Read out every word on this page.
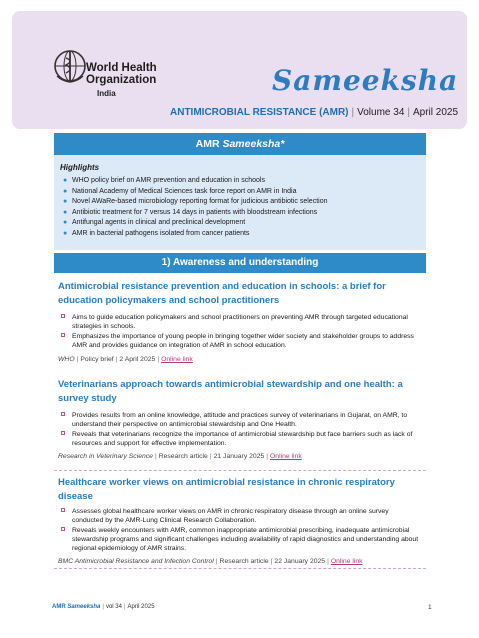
World Health
Organization
India	Sameeksha
ANTIMICROBIAL RESISTANCE (AMR) | Volume 34 | April 2025
AMR Sameeksha*
Highlights
● WHO policy brief on AMR prevention and education in schools
● National Academy of Medical Sciences task force report on AMR in India
● Novel AWaRe-based microbiology reporting format for judicious antibiotic selection
● Antibiotic treatment for 7 versus 14 days in patients with bloodstream infections
● Antifungal agents in clinical and preclinical development
● AMR in bacterial pathogens isolated from cancer patients
1) Awareness and understanding
Antimicrobial resistance prevention and education in schools: a brief for education policymakers and school practitioners
Aims to guide education policymakers and school practitioners on preventing AMR through targeted educational strategies in schools.
Emphasizes the importance of young people in bringing together wider society and stakeholder groups to address AMR and provides guidance on integration of AMR in school education.
WHO | Policy brief | 2 April 2025 | Online link
Veterinarians approach towards antimicrobial stewardship and one health: a survey study
Provides results from an online knowledge, attitude and practices survey of veterinarians in Gujarat, on AMR, to understand their perspective on antimicrobial stewardship and One Health.
Reveals that veterinarians recognize the importance of antimicrobial stewardship but face barriers such as lack of resources and support for effective implementation.
Research in Veterinary Science | Research article | 21 January 2025 | Online link
Healthcare worker views on antimicrobial resistance in chronic respiratory disease
Assesses global healthcare worker views on AMR in chronic respiratory disease through an online survey conducted by the AMR-Lung Clinical Research Collaboration.
Reveals weekly encounters with AMR, common inappropriate antimicrobial prescribing, inadequate antimicrobial stewardship programs and significant challenges including availability of rapid diagnostics and understanding about regional epidemiology of AMR strains.
BMC Antimicrobial Resistance and Infection Control | Research article | 22 January 2025 | Online link
AMR Sameeksha | vol 34 | April 2025	1
